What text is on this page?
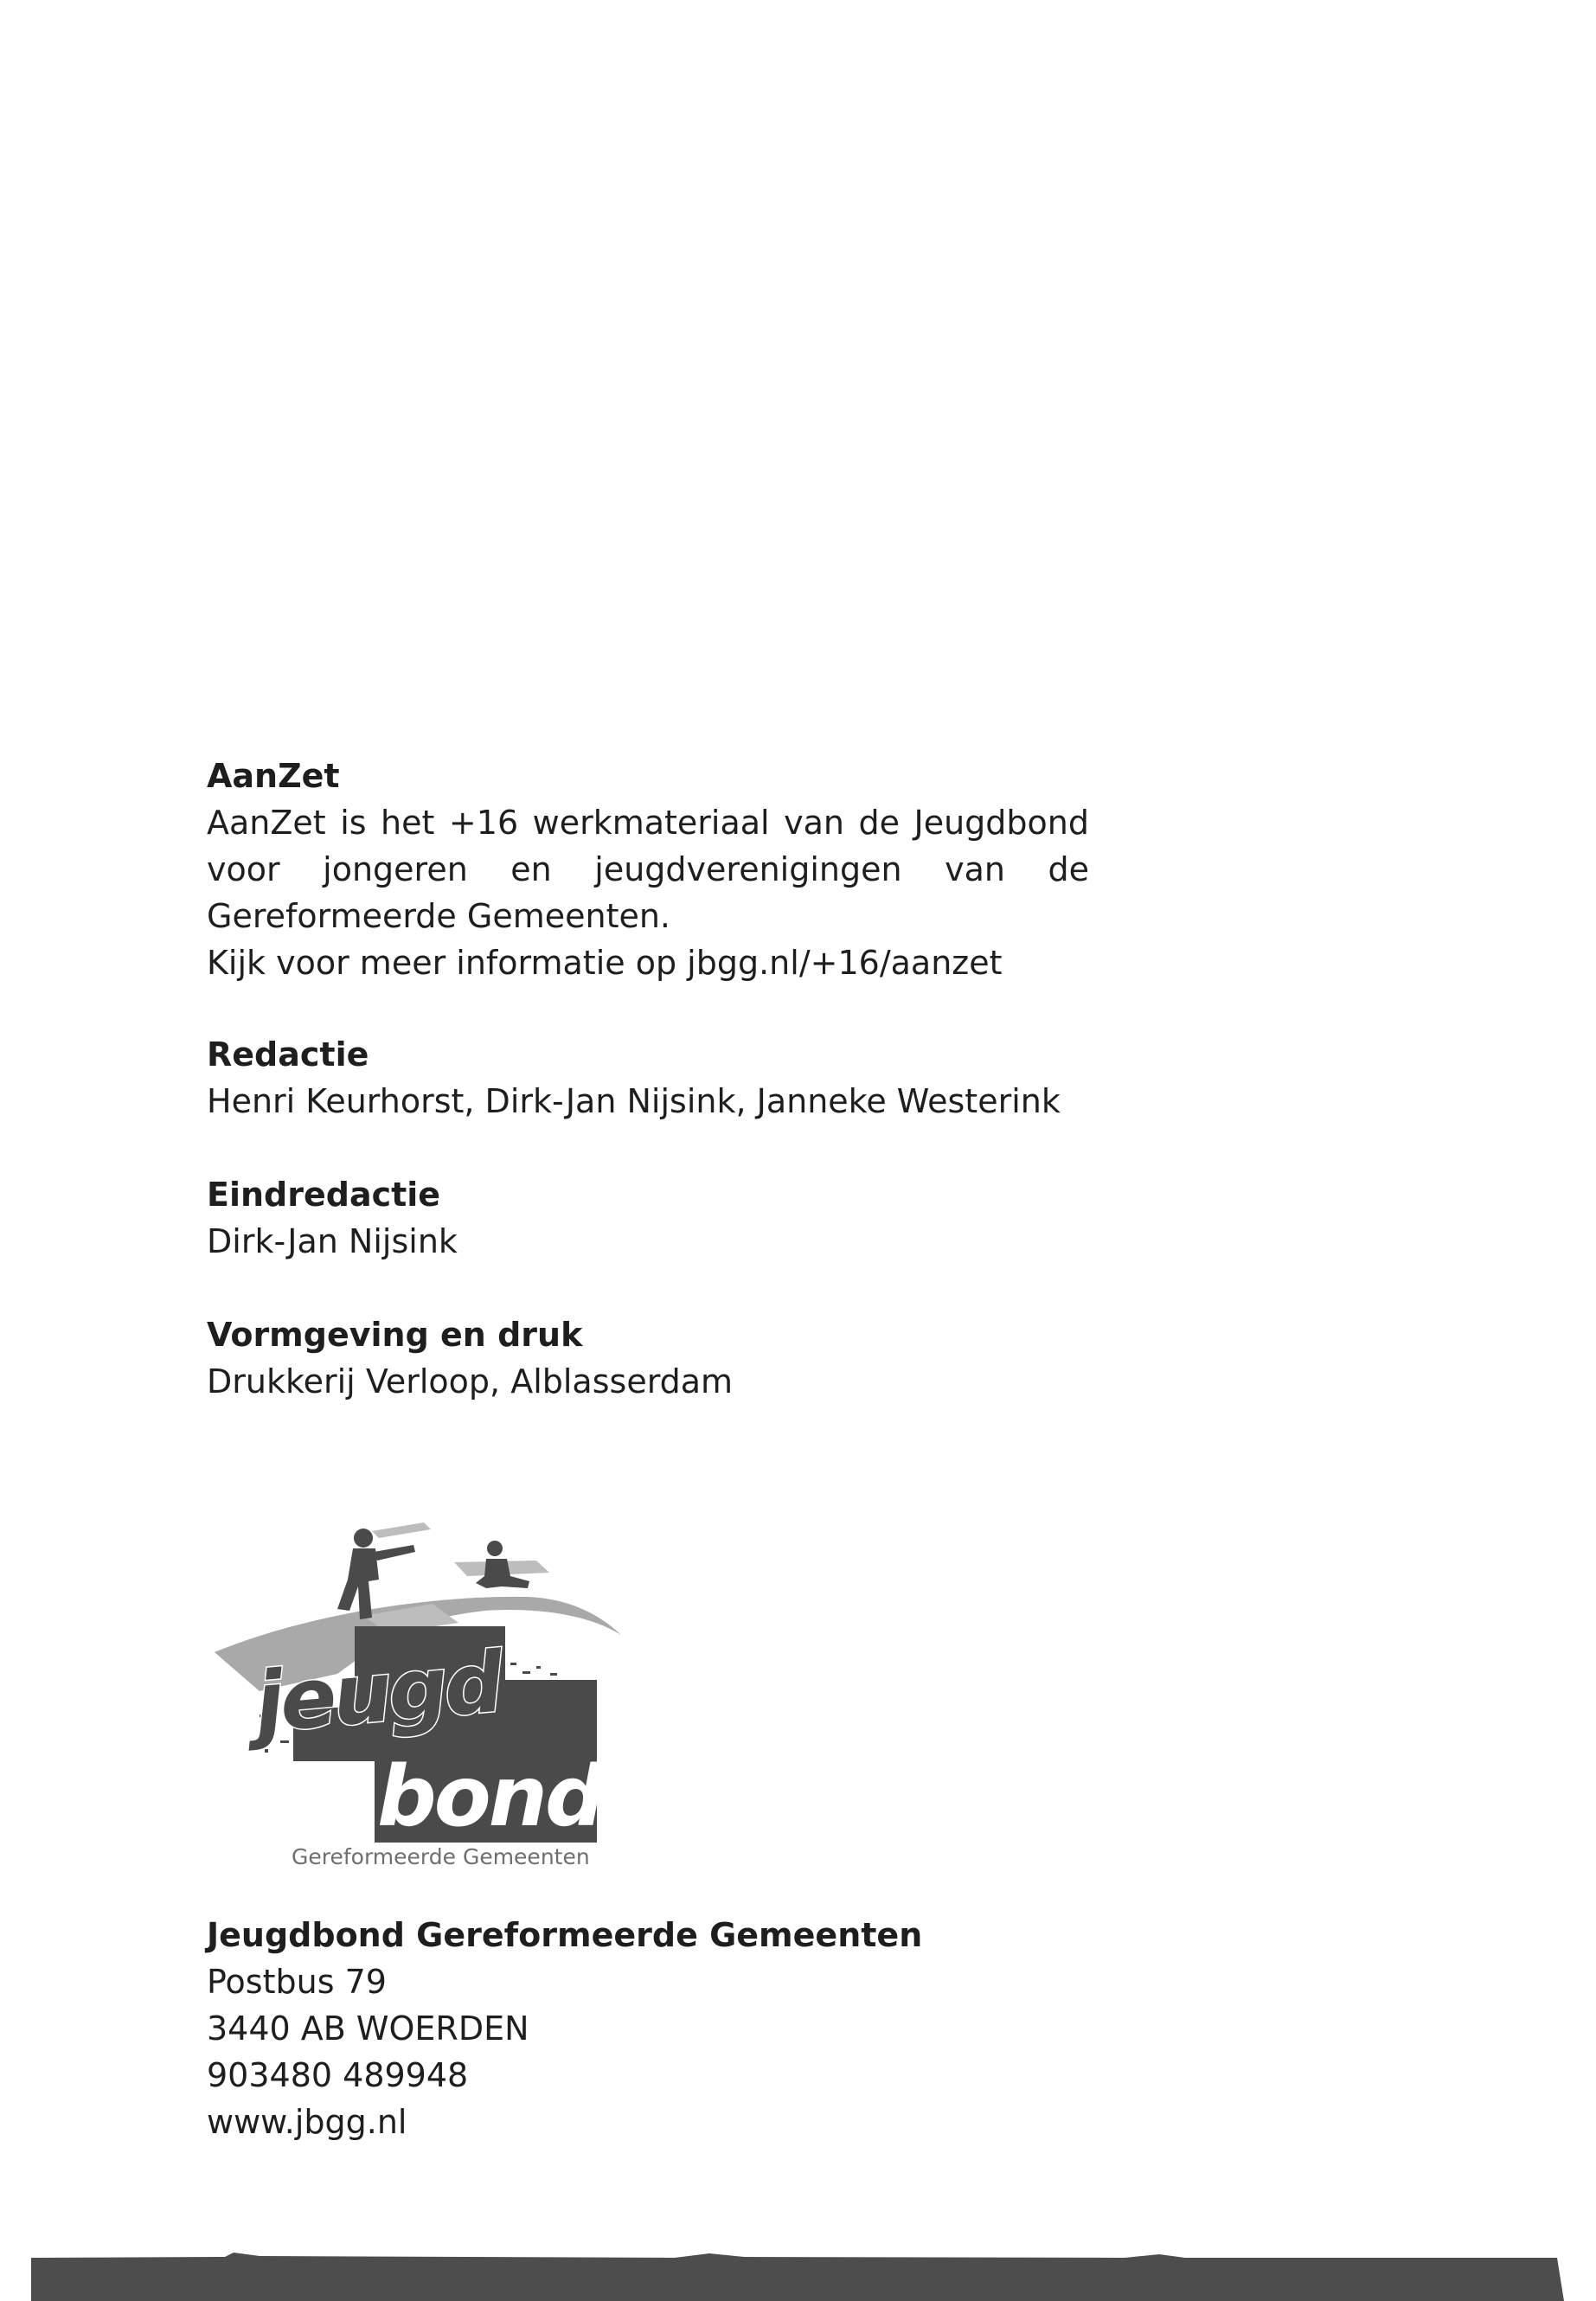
AanZet

AanZet is het +16 werkmateriaal van de Jeugdbond voor jongeren en jeugdverenigingen van de Gereformeerde Gemeenten.

Kijk voor meer informatie op jbgg.nl/+16/aanzet

Redactie

Henri Keurhorst, Dirk-Jan Nijsink, Janneke Westerink

Eindredactie

Dirk-Jan Nijsink

Vormgeving en druk

Drukkerij Verloop, Alblasserdam

jeugd
bond
Gereformeerde Gemeenten

Jeugdbond Gereformeerde Gemeenten

Postbus 79

3440 AB WOERDEN

903480 489948

www.jbgg.nl
